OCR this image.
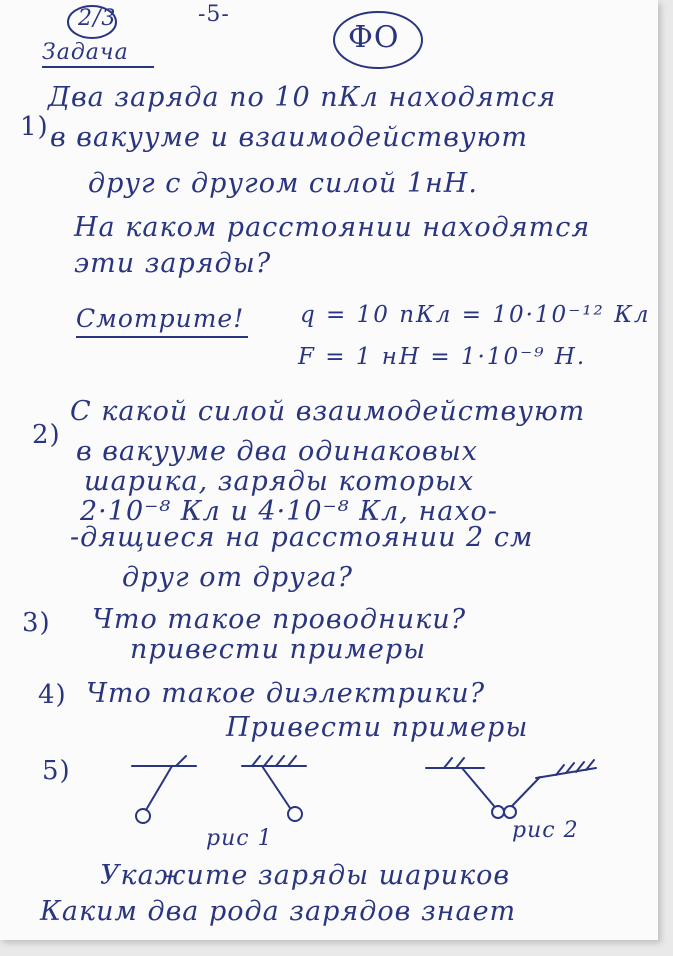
2/3	-5-
ФО
Задача
1)
Два заряда по 10 пКл находятся
в вакууме и взаимодействуют
друг с другом силой 1нН.
На каком расстоянии находятся
эти заряды?
Смотрите! q = 10 пКл = 10·10⁻¹² Кл
F = 1 нН = 1·10⁻⁹ Н.
2)
С какой силой взаимодействуют
в вакууме два одинаковых
шарика, заряды которых
2·10⁻⁸ Кл и 4·10⁻⁸ Кл, нахо-
-дящиеся на расстоянии 2 см
друг от друга?
3) Что такое проводники?
привести примеры
4) Что такое диэлектрики?
Привести примеры
5)
рис 1	рис 2
Укажите заряды шариков
Каким два рода зарядов знает
